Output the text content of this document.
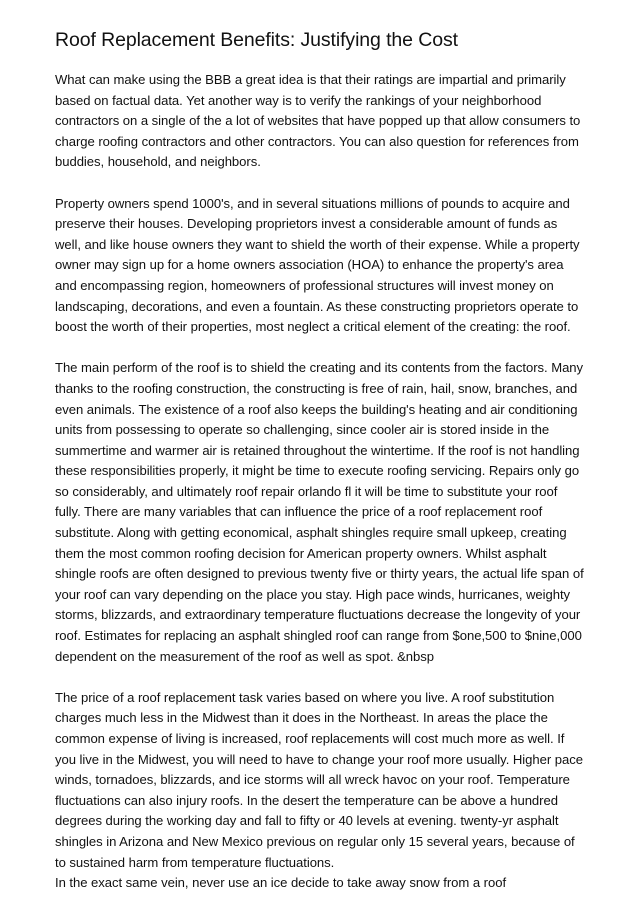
Roof Replacement Benefits: Justifying the Cost

What can make using the BBB a great idea is that their ratings are impartial and primarily based on factual data. Yet another way is to verify the rankings of your neighborhood contractors on a single of the a lot of websites that have popped up that allow consumers to charge roofing contractors and other contractors. You can also question for references from buddies, household, and neighbors.

Property owners spend 1000's, and in several situations millions of pounds to acquire and preserve their houses. Developing proprietors invest a considerable amount of funds as well, and like house owners they want to shield the worth of their expense. While a property owner may sign up for a home owners association (HOA) to enhance the property's area and encompassing region, homeowners of professional structures will invest money on landscaping, decorations, and even a fountain. As these constructing proprietors operate to boost the worth of their properties, most neglect a critical element of the creating: the roof.

The main perform of the roof is to shield the creating and its contents from the factors. Many thanks to the roofing construction, the constructing is free of rain, hail, snow, branches, and even animals. The existence of a roof also keeps the building's heating and air conditioning units from possessing to operate so challenging, since cooler air is stored inside in the summertime and warmer air is retained throughout the wintertime. If the roof is not handling these responsibilities properly, it might be time to execute roofing servicing. Repairs only go so considerably, and ultimately roof repair orlando fl it will be time to substitute your roof fully. There are many variables that can influence the price of a roof replacement roof substitute. Along with getting economical, asphalt shingles require small upkeep, creating them the most common roofing decision for American property owners. Whilst asphalt shingle roofs are often designed to previous twenty five or thirty years, the actual life span of your roof can vary depending on the place you stay. High pace winds, hurricanes, weighty storms, blizzards, and extraordinary temperature fluctuations decrease the longevity of your roof. Estimates for replacing an asphalt shingled roof can range from $one,500 to $nine,000 dependent on the measurement of the roof as well as spot. &nbsp

The price of a roof replacement task varies based on where you live. A roof substitution charges much less in the Midwest than it does in the Northeast. In areas the place the common expense of living is increased, roof replacements will cost much more as well. If you live in the Midwest, you will need to have to change your roof more usually. Higher pace winds, tornadoes, blizzards, and ice storms will all wreck havoc on your roof. Temperature fluctuations can also injury roofs. In the desert the temperature can be above a hundred degrees during the working day and fall to fifty or 40 levels at evening. twenty-yr asphalt shingles in Arizona and New Mexico previous on regular only 15 several years, because of to sustained harm from temperature fluctuations.

In the exact same vein, never use an ice decide to take away snow from a roof
